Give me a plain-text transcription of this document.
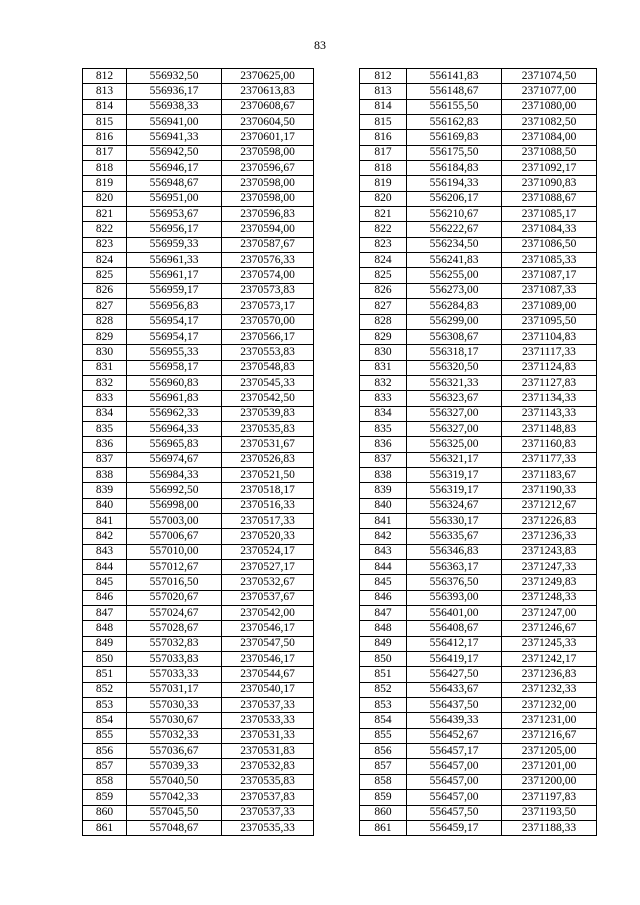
83
812	556932,50	2370625,00		812	556141,83	2371074,50
813	556936,17	2370613,83		813	556148,67	2371077,00
814	556938,33	2370608,67		814	556155,50	2371080,00
815	556941,00	2370604,50		815	556162,83	2371082,50
816	556941,33	2370601,17		816	556169,83	2371084,00
817	556942,50	2370598,00		817	556175,50	2371088,50
818	556946,17	2370596,67		818	556184,83	2371092,17
819	556948,67	2370598,00		819	556194,33	2371090,83
820	556951,00	2370598,00		820	556206,17	2371088,67
821	556953,67	2370596,83		821	556210,67	2371085,17
822	556956,17	2370594,00		822	556222,67	2371084,33
823	556959,33	2370587,67		823	556234,50	2371086,50
824	556961,33	2370576,33		824	556241,83	2371085,33
825	556961,17	2370574,00		825	556255,00	2371087,17
826	556959,17	2370573,83		826	556273,00	2371087,33
827	556956,83	2370573,17		827	556284,83	2371089,00
828	556954,17	2370570,00		828	556299,00	2371095,50
829	556954,17	2370566,17		829	556308,67	2371104,83
830	556955,33	2370553,83		830	556318,17	2371117,33
831	556958,17	2370548,83		831	556320,50	2371124,83
832	556960,83	2370545,33		832	556321,33	2371127,83
833	556961,83	2370542,50		833	556323,67	2371134,33
834	556962,33	2370539,83		834	556327,00	2371143,33
835	556964,33	2370535,83		835	556327,00	2371148,83
836	556965,83	2370531,67		836	556325,00	2371160,83
837	556974,67	2370526,83		837	556321,17	2371177,33
838	556984,33	2370521,50		838	556319,17	2371183,67
839	556992,50	2370518,17		839	556319,17	2371190,33
840	556998,00	2370516,33		840	556324,67	2371212,67
841	557003,00	2370517,33		841	556330,17	2371226,83
842	557006,67	2370520,33		842	556335,67	2371236,33
843	557010,00	2370524,17		843	556346,83	2371243,83
844	557012,67	2370527,17		844	556363,17	2371247,33
845	557016,50	2370532,67		845	556376,50	2371249,83
846	557020,67	2370537,67		846	556393,00	2371248,33
847	557024,67	2370542,00		847	556401,00	2371247,00
848	557028,67	2370546,17		848	556408,67	2371246,67
849	557032,83	2370547,50		849	556412,17	2371245,33
850	557033,83	2370546,17		850	556419,17	2371242,17
851	557033,33	2370544,67		851	556427,50	2371236,83
852	557031,17	2370540,17		852	556433,67	2371232,33
853	557030,33	2370537,33		853	556437,50	2371232,00
854	557030,67	2370533,33		854	556439,33	2371231,00
855	557032,33	2370531,33		855	556452,67	2371216,67
856	557036,67	2370531,83		856	556457,17	2371205,00
857	557039,33	2370532,83		857	556457,00	2371201,00
858	557040,50	2370535,83		858	556457,00	2371200,00
859	557042,33	2370537,83		859	556457,00	2371197,83
860	557045,50	2370537,33		860	556457,50	2371193,50
861	557048,67	2370535,33		861	556459,17	2371188,33
